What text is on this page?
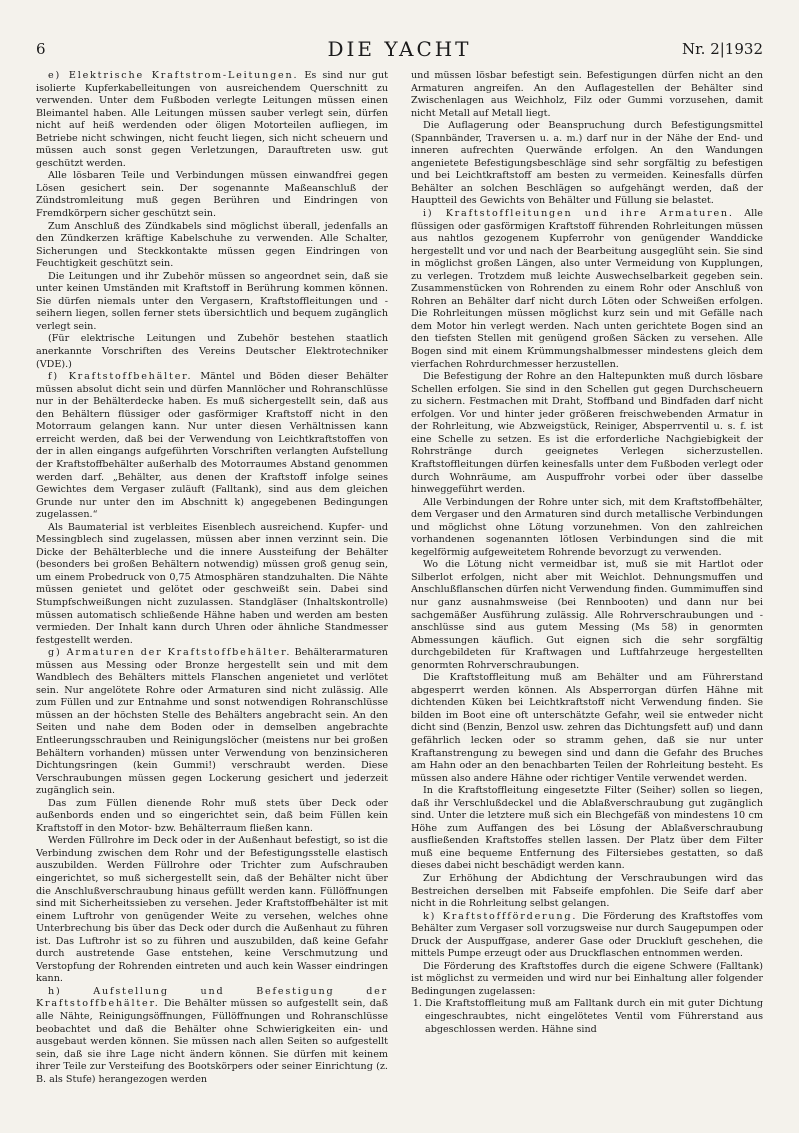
6	DIE YACHT	Nr. 2|1932

e) Elektrische Kraftstrom-Leitungen. Es sind nur gut isolierte Kupferkabelleitungen von ausreichendem Querschnitt zu verwenden. Unter dem Fußboden verlegte Leitungen müssen einen Bleimantel haben. Alle Leitungen müssen sauber verlegt sein, dürfen nicht auf heiß werdenden oder öligen Motorteilen aufliegen, im Betriebe nicht schwingen, nicht feucht liegen, sich nicht scheuern und müssen auch sonst gegen Verletzungen, Darauftreten usw. gut geschützt werden.

Alle lösbaren Teile und Verbindungen müssen einwandfrei gegen Lösen gesichert sein. Der sogenannte Maßeanschluß der Zündstromleitung muß gegen Berühren und Eindringen von Fremdkörpern sicher geschützt sein.

Zum Anschluß des Zündkabels sind möglichst überall, jedenfalls an den Zündkerzen kräftige Kabelschuhe zu verwenden. Alle Schalter, Sicherungen und Steckkontakte müssen gegen Eindringen von Feuchtigkeit geschützt sein.

Die Leitungen und ihr Zubehör müssen so angeordnet sein, daß sie unter keinen Umständen mit Kraftstoff in Berührung kommen können. Sie dürfen niemals unter den Vergasern, Kraftstoffleitungen und -seihern liegen, sollen ferner stets übersichtlich und bequem zugänglich verlegt sein.

(Für elektrische Leitungen und Zubehör bestehen staatlich anerkannte Vorschriften des Vereins Deutscher Elektrotechniker (VDE).)

f) Kraftstoffbehälter. Mäntel und Böden dieser Behälter müssen absolut dicht sein und dürfen Mannlöcher und Rohranschlüsse nur in der Behälterdecke haben. Es muß sichergestellt sein, daß aus den Behältern flüssiger oder gasförmiger Kraftstoff nicht in den Motorraum gelangen kann. Nur unter diesen Verhältnissen kann erreicht werden, daß bei der Verwendung von Leichtkraftstoffen von der in allen eingangs aufgeführten Vorschriften verlangten Aufstellung der Kraftstoffbehälter außerhalb des Motorraumes Abstand genommen werden darf. „Behälter, aus denen der Kraftstoff infolge seines Gewichtes dem Vergaser zuläuft (Falltank), sind aus dem gleichen Grunde nur unter den im Abschnitt k) angegebenen Bedingungen zugelassen.“

Als Baumaterial ist verbleites Eisenblech ausreichend. Kupfer- und Messingblech sind zugelassen, müssen aber innen verzinnt sein. Die Dicke der Behälterbleche und die innere Aussteifung der Behälter (besonders bei großen Behältern notwendig) müssen groß genug sein, um einem Probedruck von 0,75 Atmosphären standzuhalten. Die Nähte müssen genietet und gelötet oder geschweißt sein. Dabei sind Stumpfschweißungen nicht zuzulassen. Standgläser (Inhaltskontrolle) müssen automatisch schließende Hähne haben und werden am besten vermieden. Der Inhalt kann durch Uhren oder ähnliche Standmesser festgestellt werden.

g) Armaturen der Kraftstoffbehälter. Behälterarmaturen müssen aus Messing oder Bronze hergestellt sein und mit dem Wandblech des Behälters mittels Flanschen angenietet und verlötet sein. Nur angelötete Rohre oder Armaturen sind nicht zulässig. Alle zum Füllen und zur Entnahme und sonst notwendigen Rohranschlüsse müssen an der höchsten Stelle des Behälters angebracht sein. An den Seiten und nahe dem Boden oder in demselben angebrachte Entleerungsschrauben und Reinigungslöcher (meistens nur bei großen Behältern vorhanden) müssen unter Verwendung von benzinsicheren Dichtungsringen (kein Gummi!) verschraubt werden. Diese Verschraubungen müssen gegen Lockerung gesichert und jederzeit zugänglich sein.

Das zum Füllen dienende Rohr muß stets über Deck oder außenbords enden und so eingerichtet sein, daß beim Füllen kein Kraftstoff in den Motor- bzw. Behälterraum fließen kann.

Werden Füllrohre im Deck oder in der Außenhaut befestigt, so ist die Verbindung zwischen dem Rohr und der Befestigungsstelle elastisch auszubilden. Werden Füllrohre oder Trichter zum Aufschrauben eingerichtet, so muß sichergestellt sein, daß der Behälter nicht über die Anschlußverschraubung hinaus gefüllt werden kann. Füllöffnungen sind mit Sicherheitssieben zu versehen. Jeder Kraftstoffbehälter ist mit einem Luftrohr von genügender Weite zu versehen, welches ohne Unterbrechung bis über das Deck oder durch die Außenhaut zu führen ist. Das Luftrohr ist so zu führen und auszubilden, daß keine Gefahr durch austretende Gase entstehen, keine Verschmutzung und Verstopfung der Rohrenden eintreten und auch kein Wasser eindringen kann.

h) Aufstellung und Befestigung der Kraftstoffbehälter. Die Behälter müssen so aufgestellt sein, daß alle Nähte, Reinigungsöffnungen, Füllöffnungen und Rohranschlüsse beobachtet und daß die Behälter ohne Schwierigkeiten ein- und ausgebaut werden können. Sie müssen nach allen Seiten so aufgestellt sein, daß sie ihre Lage nicht ändern können. Sie dürfen mit keinem ihrer Teile zur Versteifung des Bootskörpers oder seiner Einrichtung (z. B. als Stufe) herangezogen werden

und müssen lösbar befestigt sein. Befestigungen dürfen nicht an den Armaturen angreifen. An den Auflagestellen der Behälter sind Zwischenlagen aus Weichholz, Filz oder Gummi vorzusehen, damit nicht Metall auf Metall liegt.

Die Auflagerung oder Beanspruchung durch Befestigungsmittel (Spannbänder, Traversen u. a. m.) darf nur in der Nähe der End- und inneren aufrechten Querwände erfolgen. An den Wandungen angenietete Befestigungsbeschläge sind sehr sorgfältig zu befestigen und bei Leichtkraftstoff am besten zu vermeiden. Keinesfalls dürfen Behälter an solchen Beschlägen so aufgehängt werden, daß der Hauptteil des Gewichts von Behälter und Füllung sie belastet.

i) Kraftstoffleitungen und ihre Armaturen. Alle flüssigen oder gasförmigen Kraftstoff führenden Rohrleitungen müssen aus nahtlos gezogenem Kupferrohr von genügender Wanddicke hergestellt und vor und nach der Bearbeitung ausgeglüht sein. Sie sind in möglichst großen Längen, also unter Vermeidung von Kupplungen, zu verlegen. Trotzdem muß leichte Auswechselbarkeit gegeben sein. Zusammenstücken von Rohrenden zu einem Rohr oder Anschluß von Rohren an Behälter darf nicht durch Löten oder Schweißen erfolgen. Die Rohrleitungen müssen möglichst kurz sein und mit Gefälle nach dem Motor hin verlegt werden. Nach unten gerichtete Bogen sind an den tiefsten Stellen mit genügend großen Säcken zu versehen. Alle Bogen sind mit einem Krümmungshalbmesser mindestens gleich dem vierfachen Rohrdurchmesser herzustellen.

Die Befestigung der Rohre an den Haltepunkten muß durch lösbare Schellen erfolgen. Sie sind in den Schellen gut gegen Durchscheuern zu sichern. Festmachen mit Draht, Stoffband und Bindfaden darf nicht erfolgen. Vor und hinter jeder größeren freischwebenden Armatur in der Rohrleitung, wie Abzweigstück, Reiniger, Absperrventil u. s. f. ist eine Schelle zu setzen. Es ist die erforderliche Nachgiebigkeit der Rohrstränge durch geeignetes Verlegen sicherzustellen. Kraftstoffleitungen dürfen keinesfalls unter dem Fußboden verlegt oder durch Wohnräume, am Auspuffrohr vorbei oder über dasselbe hinweggeführt werden.

Alle Verbindungen der Rohre unter sich, mit dem Kraftstoffbehälter, dem Vergaser und den Armaturen sind durch metallische Verbindungen und möglichst ohne Lötung vorzunehmen. Von den zahlreichen vorhandenen sogenannten lötlosen Verbindungen sind die mit kegelförmig aufgeweitetem Rohrende bevorzugt zu verwenden.

Wo die Lötung nicht vermeidbar ist, muß sie mit Hartlot oder Silberlot erfolgen, nicht aber mit Weichlot. Dehnungsmuffen und Anschlußflanschen dürfen nicht Verwendung finden. Gummimuffen sind nur ganz ausnahmsweise (bei Rennbooten) und dann nur bei sachgemäßer Ausführung zulässig. Alle Rohrverschraubungen und -anschlüsse sind aus gutem Messing (Ms 58) in genormten Abmessungen käuflich. Gut eignen sich die sehr sorgfältig durchgebildeten für Kraftwagen und Luftfahrzeuge hergestellten genormten Rohrverschraubungen.

Die Kraftstoffleitung muß am Behälter und am Führerstand abgesperrt werden können. Als Absperrorgan dürfen Hähne mit dichtenden Küken bei Leichtkraftstoff nicht Verwendung finden. Sie bilden im Boot eine oft unterschätzte Gefahr, weil sie entweder nicht dicht sind (Benzin, Benzol usw. zehren das Dichtungsfett auf) und dann gefährlich lecken oder so stramm gehen, daß sie nur unter Kraftanstrengung zu bewegen sind und dann die Gefahr des Bruches am Hahn oder an den benachbarten Teilen der Rohrleitung besteht. Es müssen also andere Hähne oder richtiger Ventile verwendet werden.

In die Kraftstoffleitung eingesetzte Filter (Seiher) sollen so liegen, daß ihr Verschlußdeckel und die Ablaßverschraubung gut zugänglich sind. Unter die letztere muß sich ein Blechgefäß von mindestens 10 cm Höhe zum Auffangen des bei Lösung der Ablaßverschraubung ausfließenden Kraftstoffes stellen lassen. Der Platz über dem Filter muß eine bequeme Entfernung des Filtersiebes gestatten, so daß dieses dabei nicht beschädigt werden kann.

Zur Erhöhung der Abdichtung der Verschraubungen wird das Bestreichen derselben mit Fabseife empfohlen. Die Seife darf aber nicht in die Rohrleitung selbst gelangen.

k) Kraftstoffförderung. Die Förderung des Kraftstoffes vom Behälter zum Vergaser soll vorzugsweise nur durch Saugepumpen oder Druck der Auspuffgase, anderer Gase oder Druckluft geschehen, die mittels Pumpe erzeugt oder aus Druckflaschen entnommen werden.

Die Förderung des Kraftstoffes durch die eigene Schwere (Falltank) ist möglichst zu vermeiden und wird nur bei Einhaltung aller folgender Bedingungen zugelassen:

1. Die Kraftstoffleitung muß am Falltank durch ein mit guter Dichtung eingeschraubtes, nicht eingelötetes Ventil vom Führerstand aus abgeschlossen werden. Hähne sind
